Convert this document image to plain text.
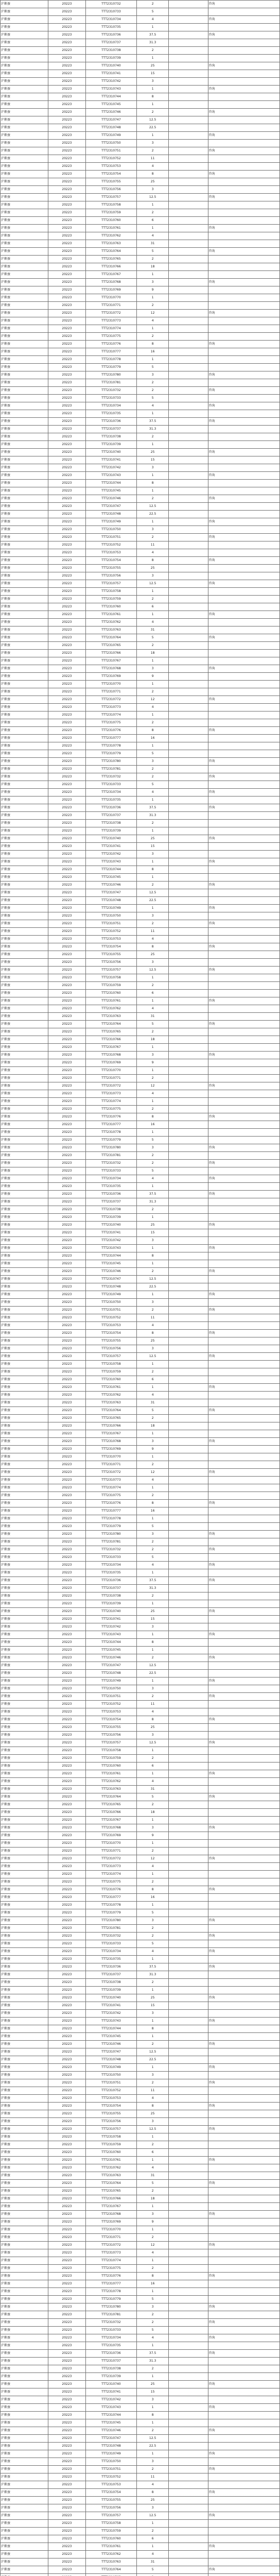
沪渐蚕	20223	TTT2310732	2		咨询
沪渐蚕	20223	TTT2310733	5		
沪渐蚕	20223	TTT2310734	4		咨询
沪渐蚕	20223	TTT2310735	1		
沪渐蚕	20223	TTT2310736	37.5		咨询
沪渐蚕	20223	TTT2310737	31.3		
沪渐蚕	20223	TTT2310738	2		
沪渐蚕	20223	TTT2310739	1		
沪渐蚕	20223	TTT2310740	25		咨询
沪渐蚕	20223	TTT2310741	15		
沪渐蚕	20223	TTT2310742	3		
沪渐蚕	20223	TTT2310743	1		咨询
沪渐蚕	20223	TTT2310744	8		
沪渐蚕	20223	TTT2310745	1		
沪渐蚕	20223	TTT2310746	2		咨询
沪渐蚕	20223	TTT2310747	12.5		
沪渐蚕	20223	TTT2310748	22.5		
沪渐蚕	20223	TTT2310749	1		咨询
沪渐蚕	20223	TTT2310750	3		
沪渐蚕	20223	TTT2310751	2		咨询
沪渐蚕	20223	TTT2310752	11		
沪渐蚕	20223	TTT2310753	4		
沪渐蚕	20223	TTT2310754	8		咨询
沪渐蚕	20223	TTT2310755	25		
沪渐蚕	20223	TTT2310756	3		
沪渐蚕	20223	TTT2310757	12.5		咨询
沪渐蚕	20223	TTT2310758	1		
沪渐蚕	20223	TTT2310759	2		
沪渐蚕	20223	TTT2310760	6		
沪渐蚕	20223	TTT2310761	1		咨询
沪渐蚕	20223	TTT2310762	4		
沪渐蚕	20223	TTT2310763	31		
沪渐蚕	20223	TTT2310764	5		咨询
沪渐蚕	20223	TTT2310765	2		
沪渐蚕	20223	TTT2310766	18		
沪渐蚕	20223	TTT2310767	1		
沪渐蚕	20223	TTT2310768	3		咨询
沪渐蚕	20223	TTT2310769	9		
沪渐蚕	20223	TTT2310770	1		
沪渐蚕	20223	TTT2310771	2		
沪渐蚕	20223	TTT2310772	12		咨询
沪渐蚕	20223	TTT2310773	4		
沪渐蚕	20223	TTT2310774	1		
沪渐蚕	20223	TTT2310775	2		
沪渐蚕	20223	TTT2310776	8		咨询
沪渐蚕	20223	TTT2310777	16		
沪渐蚕	20223	TTT2310778	1		
沪渐蚕	20223	TTT2310779	5		
沪渐蚕	20223	TTT2310780	3		咨询
沪渐蚕	20223	TTT2310781	2		
沪渐蚕	20223	TTT2310732	2		咨询
沪渐蚕	20223	TTT2310733	5		
沪渐蚕	20223	TTT2310734	4		咨询
沪渐蚕	20223	TTT2310735	1		
沪渐蚕	20223	TTT2310736	37.5		咨询
沪渐蚕	20223	TTT2310737	31.3		
沪渐蚕	20223	TTT2310738	2		
沪渐蚕	20223	TTT2310739	1		
沪渐蚕	20223	TTT2310740	25		咨询
沪渐蚕	20223	TTT2310741	15		
沪渐蚕	20223	TTT2310742	3		
沪渐蚕	20223	TTT2310743	1		咨询
沪渐蚕	20223	TTT2310744	8		
沪渐蚕	20223	TTT2310745	1		
沪渐蚕	20223	TTT2310746	2		咨询
沪渐蚕	20223	TTT2310747	12.5		
沪渐蚕	20223	TTT2310748	22.5		
沪渐蚕	20223	TTT2310749	1		咨询
沪渐蚕	20223	TTT2310750	3		
沪渐蚕	20223	TTT2310751	2		咨询
沪渐蚕	20223	TTT2310752	11		
沪渐蚕	20223	TTT2310753	4		
沪渐蚕	20223	TTT2310754	8		咨询
沪渐蚕	20223	TTT2310755	25		
沪渐蚕	20223	TTT2310756	3		
沪渐蚕	20223	TTT2310757	12.5		咨询
沪渐蚕	20223	TTT2310758	1		
沪渐蚕	20223	TTT2310759	2		
沪渐蚕	20223	TTT2310760	6		
沪渐蚕	20223	TTT2310761	1		咨询
沪渐蚕	20223	TTT2310762	4		
沪渐蚕	20223	TTT2310763	31		
沪渐蚕	20223	TTT2310764	5		咨询
沪渐蚕	20223	TTT2310765	2		
沪渐蚕	20223	TTT2310766	18		
沪渐蚕	20223	TTT2310767	1		
沪渐蚕	20223	TTT2310768	3		咨询
沪渐蚕	20223	TTT2310769	9		
沪渐蚕	20223	TTT2310770	1		
沪渐蚕	20223	TTT2310771	2		
沪渐蚕	20223	TTT2310772	12		咨询
沪渐蚕	20223	TTT2310773	4		
沪渐蚕	20223	TTT2310774	1		
沪渐蚕	20223	TTT2310775	2		
沪渐蚕	20223	TTT2310776	8		咨询
沪渐蚕	20223	TTT2310777	16		
沪渐蚕	20223	TTT2310778	1		
沪渐蚕	20223	TTT2310779	5		
沪渐蚕	20223	TTT2310780	3		咨询
沪渐蚕	20223	TTT2310781	2		
沪渐蚕	20223	TTT2310732	2		咨询
沪渐蚕	20223	TTT2310733	5		
沪渐蚕	20223	TTT2310734	4		咨询
沪渐蚕	20223	TTT2310735	1		
沪渐蚕	20223	TTT2310736	37.5		咨询
沪渐蚕	20223	TTT2310737	31.3		
沪渐蚕	20223	TTT2310738	2		
沪渐蚕	20223	TTT2310739	1		
沪渐蚕	20223	TTT2310740	25		咨询
沪渐蚕	20223	TTT2310741	15		
沪渐蚕	20223	TTT2310742	3		
沪渐蚕	20223	TTT2310743	1		咨询
沪渐蚕	20223	TTT2310744	8		
沪渐蚕	20223	TTT2310745	1		
沪渐蚕	20223	TTT2310746	2		咨询
沪渐蚕	20223	TTT2310747	12.5		
沪渐蚕	20223	TTT2310748	22.5		
沪渐蚕	20223	TTT2310749	1		咨询
沪渐蚕	20223	TTT2310750	3		
沪渐蚕	20223	TTT2310751	2		咨询
沪渐蚕	20223	TTT2310752	11		
沪渐蚕	20223	TTT2310753	4		
沪渐蚕	20223	TTT2310754	8		咨询
沪渐蚕	20223	TTT2310755	25		
沪渐蚕	20223	TTT2310756	3		
沪渐蚕	20223	TTT2310757	12.5		咨询
沪渐蚕	20223	TTT2310758	1		
沪渐蚕	20223	TTT2310759	2		
沪渐蚕	20223	TTT2310760	6		
沪渐蚕	20223	TTT2310761	1		咨询
沪渐蚕	20223	TTT2310762	4		
沪渐蚕	20223	TTT2310763	31		
沪渐蚕	20223	TTT2310764	5		咨询
沪渐蚕	20223	TTT2310765	2		
沪渐蚕	20223	TTT2310766	18		
沪渐蚕	20223	TTT2310767	1		
沪渐蚕	20223	TTT2310768	3		咨询
沪渐蚕	20223	TTT2310769	9		
沪渐蚕	20223	TTT2310770	1		
沪渐蚕	20223	TTT2310771	2		
沪渐蚕	20223	TTT2310772	12		咨询
沪渐蚕	20223	TTT2310773	4		
沪渐蚕	20223	TTT2310774	1		
沪渐蚕	20223	TTT2310775	2		
沪渐蚕	20223	TTT2310776	8		咨询
沪渐蚕	20223	TTT2310777	16		
沪渐蚕	20223	TTT2310778	1		
沪渐蚕	20223	TTT2310779	5		
沪渐蚕	20223	TTT2310780	3		咨询
沪渐蚕	20223	TTT2310781	2		
沪渐蚕	20223	TTT2310732	2		咨询
沪渐蚕	20223	TTT2310733	5		
沪渐蚕	20223	TTT2310734	4		咨询
沪渐蚕	20223	TTT2310735	1		
沪渐蚕	20223	TTT2310736	37.5		咨询
沪渐蚕	20223	TTT2310737	31.3		
沪渐蚕	20223	TTT2310738	2		
沪渐蚕	20223	TTT2310739	1		
沪渐蚕	20223	TTT2310740	25		咨询
沪渐蚕	20223	TTT2310741	15		
沪渐蚕	20223	TTT2310742	3		
沪渐蚕	20223	TTT2310743	1		咨询
沪渐蚕	20223	TTT2310744	8		
沪渐蚕	20223	TTT2310745	1		
沪渐蚕	20223	TTT2310746	2		咨询
沪渐蚕	20223	TTT2310747	12.5		
沪渐蚕	20223	TTT2310748	22.5		
沪渐蚕	20223	TTT2310749	1		咨询
沪渐蚕	20223	TTT2310750	3		
沪渐蚕	20223	TTT2310751	2		咨询
沪渐蚕	20223	TTT2310752	11		
沪渐蚕	20223	TTT2310753	4		
沪渐蚕	20223	TTT2310754	8		咨询
沪渐蚕	20223	TTT2310755	25		
沪渐蚕	20223	TTT2310756	3		
沪渐蚕	20223	TTT2310757	12.5		咨询
沪渐蚕	20223	TTT2310758	1		
沪渐蚕	20223	TTT2310759	2		
沪渐蚕	20223	TTT2310760	6		
沪渐蚕	20223	TTT2310761	1		咨询
沪渐蚕	20223	TTT2310762	4		
沪渐蚕	20223	TTT2310763	31		
沪渐蚕	20223	TTT2310764	5		咨询
沪渐蚕	20223	TTT2310765	2		
沪渐蚕	20223	TTT2310766	18		
沪渐蚕	20223	TTT2310767	1		
沪渐蚕	20223	TTT2310768	3		咨询
沪渐蚕	20223	TTT2310769	9		
沪渐蚕	20223	TTT2310770	1		
沪渐蚕	20223	TTT2310771	2		
沪渐蚕	20223	TTT2310772	12		咨询
沪渐蚕	20223	TTT2310773	4		
沪渐蚕	20223	TTT2310774	1		
沪渐蚕	20223	TTT2310775	2		
沪渐蚕	20223	TTT2310776	8		咨询
沪渐蚕	20223	TTT2310777	16		
沪渐蚕	20223	TTT2310778	1		
沪渐蚕	20223	TTT2310779	5		
沪渐蚕	20223	TTT2310780	3		咨询
沪渐蚕	20223	TTT2310781	2		
沪渐蚕	20223	TTT2310732	2		咨询
沪渐蚕	20223	TTT2310733	5		
沪渐蚕	20223	TTT2310734	4		咨询
沪渐蚕	20223	TTT2310735	1		
沪渐蚕	20223	TTT2310736	37.5		咨询
沪渐蚕	20223	TTT2310737	31.3		
沪渐蚕	20223	TTT2310738	2		
沪渐蚕	20223	TTT2310739	1		
沪渐蚕	20223	TTT2310740	25		咨询
沪渐蚕	20223	TTT2310741	15		
沪渐蚕	20223	TTT2310742	3		
沪渐蚕	20223	TTT2310743	1		咨询
沪渐蚕	20223	TTT2310744	8		
沪渐蚕	20223	TTT2310745	1		
沪渐蚕	20223	TTT2310746	2		咨询
沪渐蚕	20223	TTT2310747	12.5		
沪渐蚕	20223	TTT2310748	22.5		
沪渐蚕	20223	TTT2310749	1		咨询
沪渐蚕	20223	TTT2310750	3		
沪渐蚕	20223	TTT2310751	2		咨询
沪渐蚕	20223	TTT2310752	11		
沪渐蚕	20223	TTT2310753	4		
沪渐蚕	20223	TTT2310754	8		咨询
沪渐蚕	20223	TTT2310755	25		
沪渐蚕	20223	TTT2310756	3		
沪渐蚕	20223	TTT2310757	12.5		咨询
沪渐蚕	20223	TTT2310758	1		
沪渐蚕	20223	TTT2310759	2		
沪渐蚕	20223	TTT2310760	6		
沪渐蚕	20223	TTT2310761	1		咨询
沪渐蚕	20223	TTT2310762	4		
沪渐蚕	20223	TTT2310763	31		
沪渐蚕	20223	TTT2310764	5		咨询
沪渐蚕	20223	TTT2310765	2		
沪渐蚕	20223	TTT2310766	18		
沪渐蚕	20223	TTT2310767	1		
沪渐蚕	20223	TTT2310768	3		咨询
沪渐蚕	20223	TTT2310769	9		
沪渐蚕	20223	TTT2310770	1		
沪渐蚕	20223	TTT2310771	2		
沪渐蚕	20223	TTT2310772	12		咨询
沪渐蚕	20223	TTT2310773	4		
沪渐蚕	20223	TTT2310774	1		
沪渐蚕	20223	TTT2310775	2		
沪渐蚕	20223	TTT2310776	8		咨询
沪渐蚕	20223	TTT2310777	16		
沪渐蚕	20223	TTT2310778	1		
沪渐蚕	20223	TTT2310779	5		
沪渐蚕	20223	TTT2310780	3		咨询
沪渐蚕	20223	TTT2310781	2		
沪渐蚕	20223	TTT2310732	2		咨询
沪渐蚕	20223	TTT2310733	5		
沪渐蚕	20223	TTT2310734	4		咨询
沪渐蚕	20223	TTT2310735	1		
沪渐蚕	20223	TTT2310736	37.5		咨询
沪渐蚕	20223	TTT2310737	31.3		
沪渐蚕	20223	TTT2310738	2		
沪渐蚕	20223	TTT2310739	1		
沪渐蚕	20223	TTT2310740	25		咨询
沪渐蚕	20223	TTT2310741	15		
沪渐蚕	20223	TTT2310742	3		
沪渐蚕	20223	TTT2310743	1		咨询
沪渐蚕	20223	TTT2310744	8		
沪渐蚕	20223	TTT2310745	1		
沪渐蚕	20223	TTT2310746	2		咨询
沪渐蚕	20223	TTT2310747	12.5		
沪渐蚕	20223	TTT2310748	22.5		
沪渐蚕	20223	TTT2310749	1		咨询
沪渐蚕	20223	TTT2310750	3		
沪渐蚕	20223	TTT2310751	2		咨询
沪渐蚕	20223	TTT2310752	11		
沪渐蚕	20223	TTT2310753	4		
沪渐蚕	20223	TTT2310754	8		咨询
沪渐蚕	20223	TTT2310755	25		
沪渐蚕	20223	TTT2310756	3		
沪渐蚕	20223	TTT2310757	12.5		咨询
沪渐蚕	20223	TTT2310758	1		
沪渐蚕	20223	TTT2310759	2		
沪渐蚕	20223	TTT2310760	6		
沪渐蚕	20223	TTT2310761	1		咨询
沪渐蚕	20223	TTT2310762	4		
沪渐蚕	20223	TTT2310763	31		
沪渐蚕	20223	TTT2310764	5		咨询
沪渐蚕	20223	TTT2310765	2		
沪渐蚕	20223	TTT2310766	18		
沪渐蚕	20223	TTT2310767	1		
沪渐蚕	20223	TTT2310768	3		咨询
沪渐蚕	20223	TTT2310769	9		
沪渐蚕	20223	TTT2310770	1		
沪渐蚕	20223	TTT2310771	2		
沪渐蚕	20223	TTT2310772	12		咨询
沪渐蚕	20223	TTT2310773	4		
沪渐蚕	20223	TTT2310774	1		
沪渐蚕	20223	TTT2310775	2		
沪渐蚕	20223	TTT2310776	8		咨询
沪渐蚕	20223	TTT2310777	16		
沪渐蚕	20223	TTT2310778	1		
沪渐蚕	20223	TTT2310779	5		
沪渐蚕	20223	TTT2310780	3		咨询
沪渐蚕	20223	TTT2310781	2		
沪渐蚕	20223	TTT2310732	2		咨询
沪渐蚕	20223	TTT2310733	5		
沪渐蚕	20223	TTT2310734	4		咨询
沪渐蚕	20223	TTT2310735	1		
沪渐蚕	20223	TTT2310736	37.5		咨询
沪渐蚕	20223	TTT2310737	31.3		
沪渐蚕	20223	TTT2310738	2		
沪渐蚕	20223	TTT2310739	1		
沪渐蚕	20223	TTT2310740	25		咨询
沪渐蚕	20223	TTT2310741	15		
沪渐蚕	20223	TTT2310742	3		
沪渐蚕	20223	TTT2310743	1		咨询
沪渐蚕	20223	TTT2310744	8		
沪渐蚕	20223	TTT2310745	1		
沪渐蚕	20223	TTT2310746	2		咨询
沪渐蚕	20223	TTT2310747	12.5		
沪渐蚕	20223	TTT2310748	22.5		
沪渐蚕	20223	TTT2310749	1		咨询
沪渐蚕	20223	TTT2310750	3		
沪渐蚕	20223	TTT2310751	2		咨询
沪渐蚕	20223	TTT2310752	11		
沪渐蚕	20223	TTT2310753	4		
沪渐蚕	20223	TTT2310754	8		咨询
沪渐蚕	20223	TTT2310755	25		
沪渐蚕	20223	TTT2310756	3		
沪渐蚕	20223	TTT2310757	12.5		咨询
沪渐蚕	20223	TTT2310758	1		
沪渐蚕	20223	TTT2310759	2		
沪渐蚕	20223	TTT2310760	6		
沪渐蚕	20223	TTT2310761	1		咨询
沪渐蚕	20223	TTT2310762	4		
沪渐蚕	20223	TTT2310763	31		
沪渐蚕	20223	TTT2310764	5		咨询
